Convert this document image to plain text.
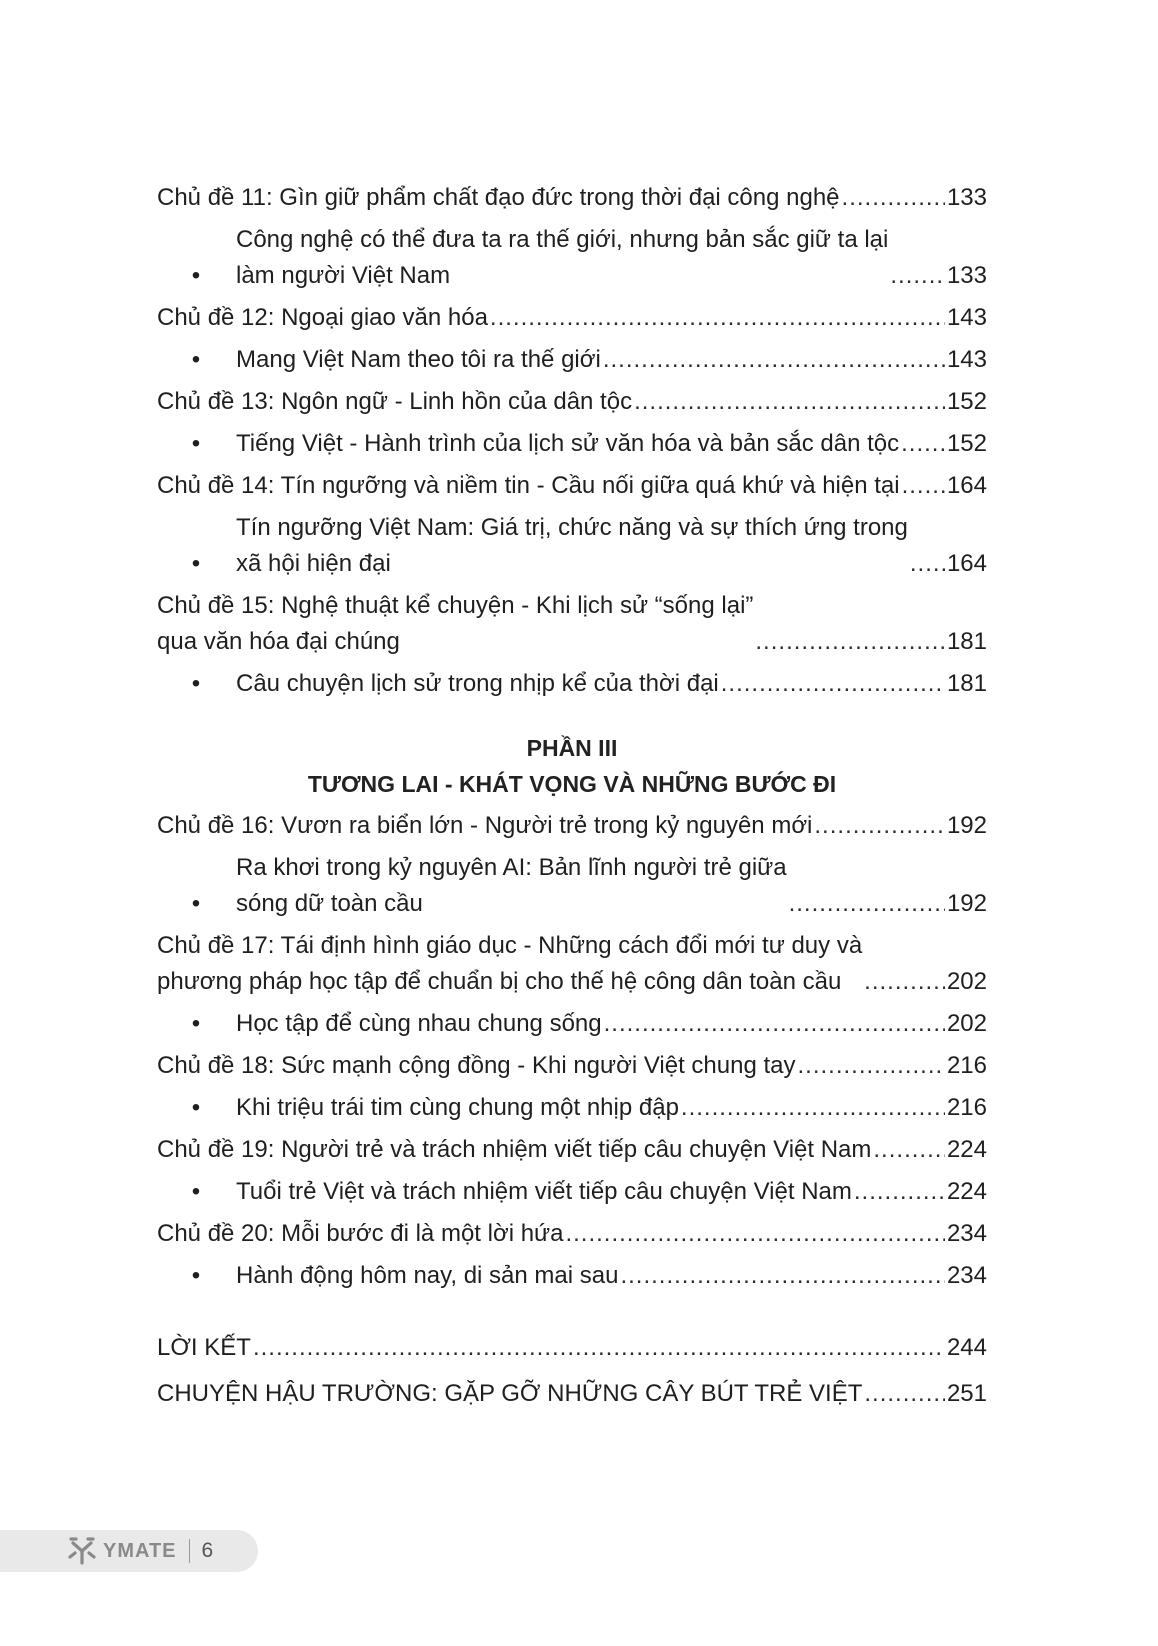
Chủ đề 11: Gìn giữ phẩm chất đạo đức trong thời đại công nghệ .....	133
•
Công nghệ có thể đưa ta ra thế giới, nhưng bản sắc giữ ta lại
làm người Việt Nam .....	133
Chủ đề 12: Ngoại giao văn hóa .....	143
•	Mang Việt Nam theo tôi ra thế giới .....	143
Chủ đề 13: Ngôn ngữ - Linh hồn của dân tộc .....	152
•	Tiếng Việt - Hành trình của lịch sử văn hóa và bản sắc dân tộc ..... 152
Chủ đề 14: Tín ngưỡng và niềm tin - Cầu nối giữa quá khứ và hiện tại ..... 164
•
Tín ngưỡng Việt Nam: Giá trị, chức năng và sự thích ứng trong
xã hội hiện đại .....	164
Chủ đề 15: Nghệ thuật kể chuyện - Khi lịch sử “sống lại”
qua văn hóa đại chúng .....	181
•	Câu chuyện lịch sử trong nhịp kể của thời đại .....	181
PHẦN III
TƯƠNG LAI - KHÁT VỌNG VÀ NHỮNG BƯỚC ĐI
Chủ đề 16: Vươn ra biển lớn - Người trẻ trong kỷ nguyên mới .....	192
•
Ra khơi trong kỷ nguyên AI: Bản lĩnh người trẻ giữa
sóng dữ toàn cầu .....	192
Chủ đề 17: Tái định hình giáo dục - Những cách đổi mới tư duy và
phương pháp học tập để chuẩn bị cho thế hệ công dân toàn cầu .....	202
•	Học tập để cùng nhau chung sống .....	202
Chủ đề 18: Sức mạnh cộng đồng - Khi người Việt chung tay .....	216
•	Khi triệu trái tim cùng chung một nhịp đập .....	216
Chủ đề 19: Người trẻ và trách nhiệm viết tiếp câu chuyện Việt Nam .....	224
•	Tuổi trẻ Việt và trách nhiệm viết tiếp câu chuyện Việt Nam .....	224
Chủ đề 20: Mỗi bước đi là một lời hứa .....	234
•	Hành động hôm nay, di sản mai sau .....	234
LỜI KẾT .....	244
CHUYỆN HẬU TRƯỜNG: GẶP GỠ NHỮNG CÂY BÚT TRẺ VIỆT .....	251
YMATE 6
